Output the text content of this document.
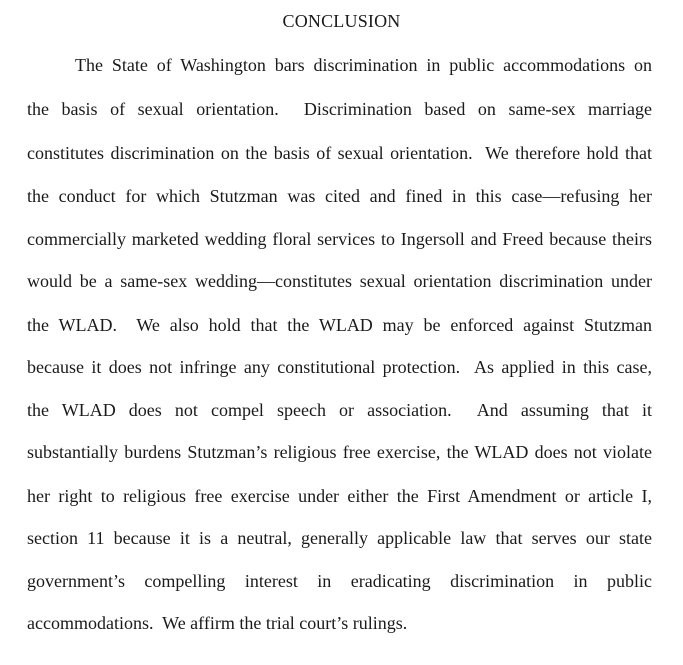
CONCLUSION
The State of Washington bars discrimination in public accommodations on
the basis of sexual orientation.  Discrimination based on same-sex marriage
constitutes discrimination on the basis of sexual orientation.  We therefore hold that
the conduct for which Stutzman was cited and fined in this case—refusing her
commercially marketed wedding floral services to Ingersoll and Freed because theirs
would be a same-sex wedding—constitutes sexual orientation discrimination under
the WLAD.  We also hold that the WLAD may be enforced against Stutzman
because it does not infringe any constitutional protection.  As applied in this case,
the WLAD does not compel speech or association.  And assuming that it
substantially burdens Stutzman’s religious free exercise, the WLAD does not violate
her right to religious free exercise under either the First Amendment or article I,
section 11 because it is a neutral, generally applicable law that serves our state
government’s compelling interest in eradicating discrimination in public
accommodations.  We affirm the trial court’s rulings.
